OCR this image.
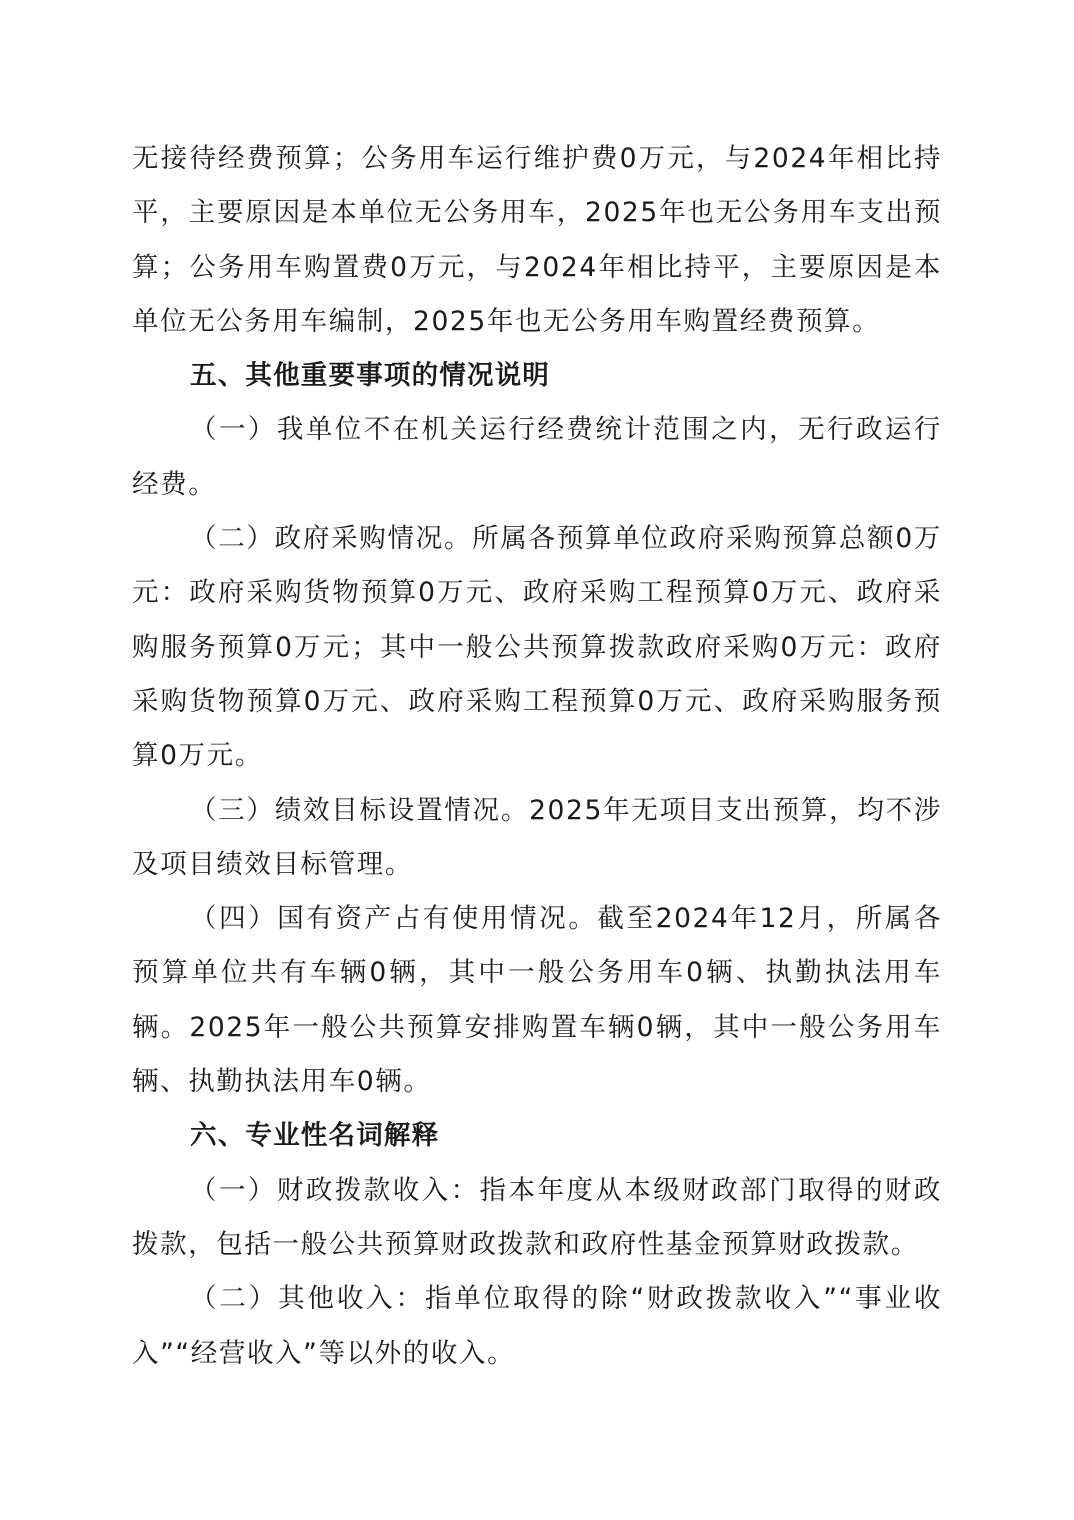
无接待经费预算；公务用车运行维护费0万元，与2024年相比持平，主要原因是本单位无公务用车，2025年也无公务用车支出预算；公务用车购置费0万元，与2024年相比持平，主要原因是本单位无公务用车编制，2025年也无公务用车购置经费预算。

五、其他重要事项的情况说明

（一）我单位不在机关运行经费统计范围之内，无行政运行经费。

（二）政府采购情况。所属各预算单位政府采购预算总额0万元：政府采购货物预算0万元、政府采购工程预算0万元、政府采购服务预算0万元；其中一般公共预算拨款政府采购0万元：政府采购货物预算0万元、政府采购工程预算0万元、政府采购服务预算0万元。

（三）绩效目标设置情况。2025年无项目支出预算，均不涉及项目绩效目标管理。

（四）国有资产占有使用情况。截至2024年12月，所属各预算单位共有车辆0辆，其中一般公务用车0辆、执勤执法用车辆。2025年一般公共预算安排购置车辆0辆，其中一般公务用车辆、执勤执法用车0辆。

六、专业性名词解释

（一）财政拨款收入：指本年度从本级财政部门取得的财政拨款，包括一般公共预算财政拨款和政府性基金预算财政拨款。

（二）其他收入：指单位取得的除“财政拨款收入”“事业收入”“经营收入”等以外的收入。
